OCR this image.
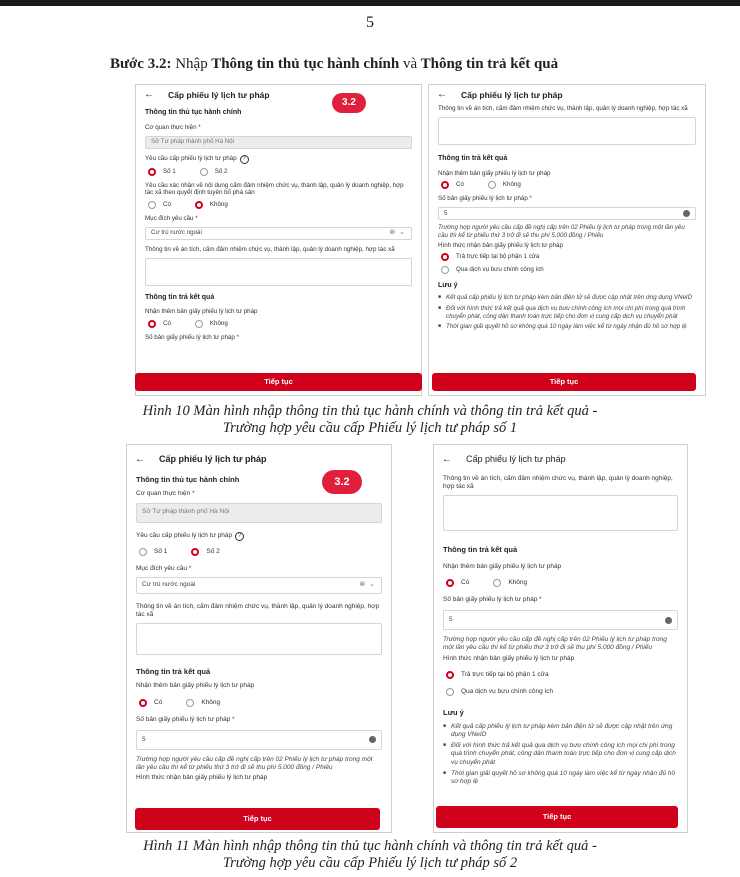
5
Bước 3.2: Nhập Thông tin thủ tục hành chính và Thông tin trả kết quả
← Cấp phiếu lý lịch tư pháp
Thông tin thủ tục hành chính
Cơ quan thực hiện *
Sở Tư pháp thành phố Hà Nội
Yêu cầu cấp phiếu lý lịch tư pháp ?
Số 1	Số 2
Yêu cầu xác nhận về nội dung cấm đảm nhiệm chức vụ, thành lập, quản lý doanh nghiệp, hợp tác xã theo quyết định tuyên bố phá sản
Có	Không
Mục đích yêu cầu *
Cư trú nước ngoài	⊗ ⌄
Thông tin về án tích, cấm đảm nhiệm chức vụ, thành lập, quản lý doanh nghiệp, hợp tác xã
Thông tin trả kết quả
Nhận thêm bản giấy phiếu lý lịch tư pháp
Có	Không
Số bản giấy phiếu lý lịch tư pháp *
3.2
Tiếp tục
← Cấp phiếu lý lịch tư pháp
Thông tin về án tích, cấm đảm nhiệm chức vụ, thành lập, quản lý doanh nghiệp, hợp tác xã
Thông tin trả kết quả
Nhận thêm bản giấy phiếu lý lịch tư pháp
Có	Không
Số bản giấy phiếu lý lịch tư pháp *
5
Trường hợp người yêu cầu cấp đề nghị cấp trên 02 Phiếu lý lịch tư pháp trong một lần yêu cầu thì kể từ phiếu thứ 3 trở đi sẽ thu phí 5.000 đồng / Phiếu
Hình thức nhận bản giấy phiếu lý lịch tư pháp
Trả trực tiếp tại bộ phận 1 cửa
Qua dịch vụ bưu chính công ích
Lưu ý
■ Kết quả cấp phiếu lý lịch tư pháp kèm bản điện tử sẽ được cập nhật trên ứng dụng VNeID
■ Đối với hình thức trả kết quả qua dịch vụ bưu chính công ích mọi chi phí trong quá trình chuyển phát, công dân thanh toán trực tiếp cho đơn vị cung cấp dịch vụ chuyển phát
■ Thời gian giải quyết hồ sơ không quá 10 ngày làm việc kể từ ngày nhận đủ hồ sơ hợp lệ
Tiếp tục
Hình 10 Màn hình nhập thông tin thủ tục hành chính và thông tin trả kết quả -
Trường hợp yêu cầu cấp Phiếu lý lịch tư pháp số 1
← Cấp phiếu lý lịch tư pháp
Thông tin thủ tục hành chính
Cơ quan thực hiện *
Sở Tư pháp thành phố Hà Nội
Yêu cầu cấp phiếu lý lịch tư pháp ?
Số 1	Số 2
Mục đích yêu cầu *
Cư trú nước ngoài	⊗ ⌄
Thông tin về án tích, cấm đảm nhiệm chức vụ, thành lập, quản lý doanh nghiệp, hợp tác xã
Thông tin trả kết quả
Nhận thêm bản giấy phiếu lý lịch tư pháp
Có	Không
Số bản giấy phiếu lý lịch tư pháp *
5
Trường hợp người yêu cầu cấp đề nghị cấp trên 02 Phiếu lý lịch tư pháp trong một lần yêu cầu thì kể từ phiếu thứ 3 trở đi sẽ thu phí 5.000 đồng / Phiếu
Hình thức nhận bản giấy phiếu lý lịch tư pháp
3.2
Tiếp tục
← Cấp phiếu lý lịch tư pháp
Thông tin về án tích, cấm đảm nhiệm chức vụ, thành lập, quản lý doanh nghiệp, hợp tác xã
Thông tin trả kết quả
Nhận thêm bản giấy phiếu lý lịch tư pháp
Có	Không
Số bản giấy phiếu lý lịch tư pháp *
5
Trường hợp người yêu cầu cấp đề nghị cấp trên 02 Phiếu lý lịch tư pháp trong một lần yêu cầu thì kể từ phiếu thứ 3 trở đi sẽ thu phí 5.000 đồng / Phiếu
Hình thức nhận bản giấy phiếu lý lịch tư pháp
Trả trực tiếp tại bộ phận 1 cửa
Qua dịch vụ bưu chính công ích
Lưu ý
■ Kết quả cấp phiếu lý lịch tư pháp kèm bản điện tử sẽ được cập nhật trên ứng dụng VNeID
■ Đối với hình thức trả kết quả qua dịch vụ bưu chính công ích mọi chi phí trong quá trình chuyển phát, công dân thanh toán trực tiếp cho đơn vị cung cấp dịch vụ chuyển phát
■ Thời gian giải quyết hồ sơ không quá 10 ngày làm việc kể từ ngày nhận đủ hồ sơ hợp lệ
Tiếp tục
Hình 11 Màn hình nhập thông tin thủ tục hành chính và thông tin trả kết quả -
Trường hợp yêu cầu cấp Phiếu lý lịch tư pháp số 2
